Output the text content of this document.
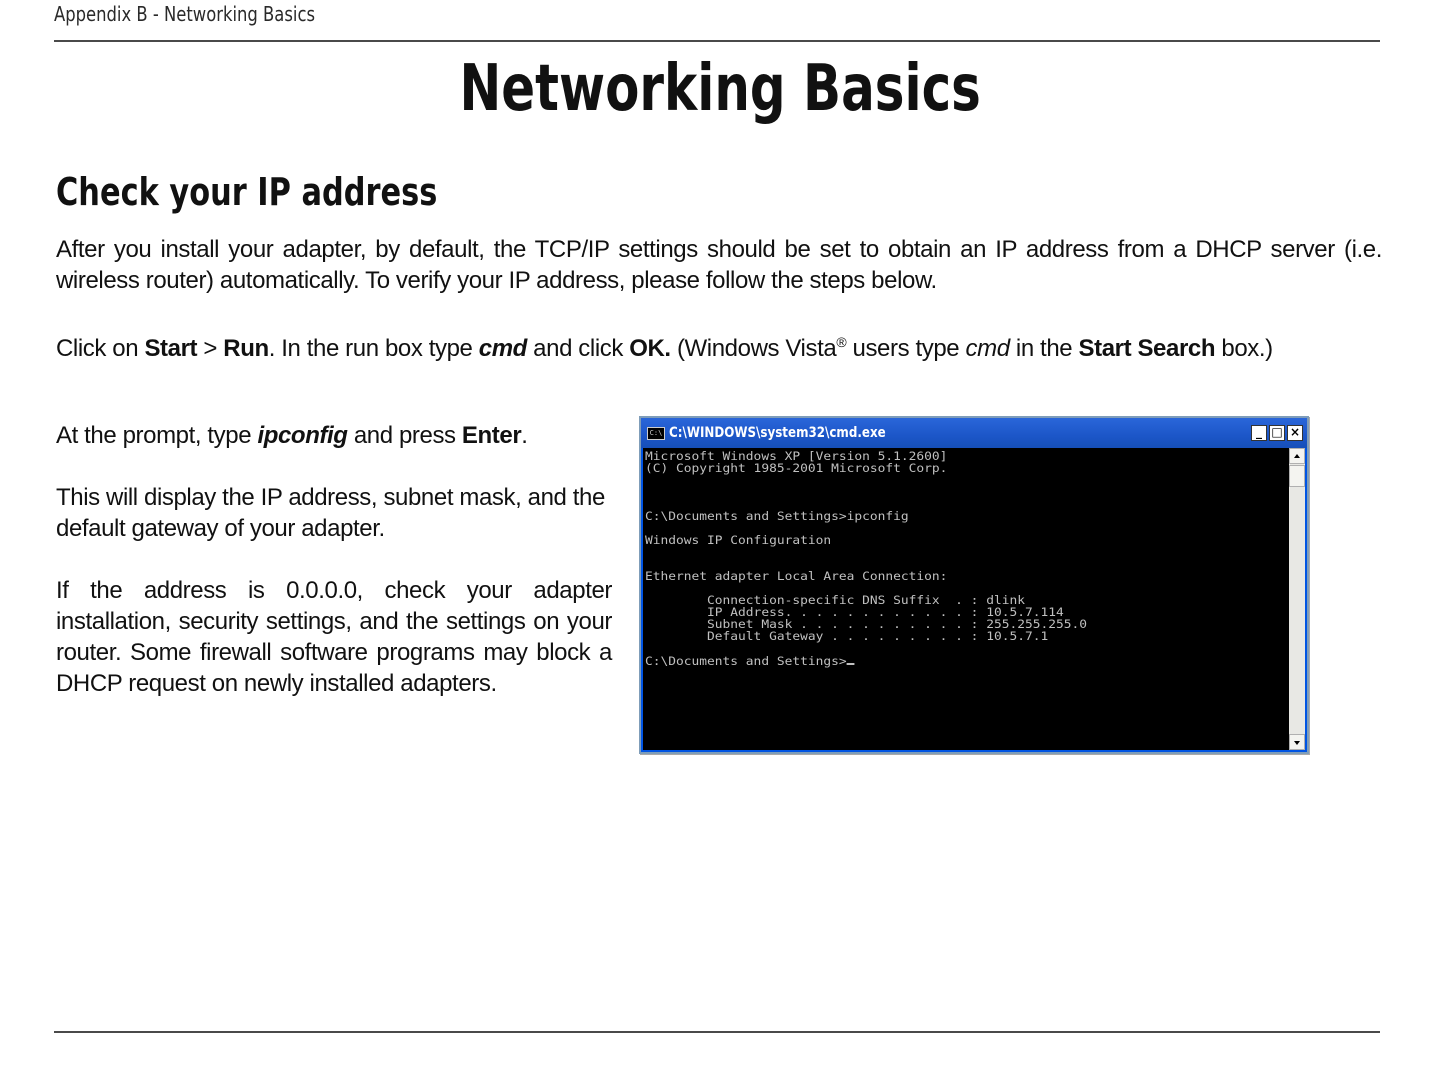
Appendix B - Networking Basics
Networking Basics
Check your IP address
After you install your adapter, by default, the TCP/IP settings should be set to obtain an IP address from a DHCP server (i.e. wireless router) automatically. To verify your IP address, please follow the steps below.
Click on Start > Run. In the run box type cmd and click OK. (Windows Vista® users type cmd in the Start Search box.)
At the prompt, type ipconfig and press Enter.
This will display the IP address, subnet mask, and the default gateway of your adapter.
If the address is 0.0.0.0, check your adapter installation, security settings, and the settings on your router. Some firewall software programs may block a DHCP request on newly installed adapters.
C:\ C:\WINDOWS\system32\cmd.exe	_ □ ×
Microsoft Windows XP [Version 5.1.2600]
(C) Copyright 1985-2001 Microsoft Corp.
C:\Documents and Settings>ipconfig
Windows IP Configuration
Ethernet adapter Local Area Connection:
Connection-specific DNS Suffix  . : dlink
IP Address. . . . . . . . . . . . : 10.5.7.114
Subnet Mask . . . . . . . . . . . : 255.255.255.0
Default Gateway . . . . . . . . . : 10.5.7.1
C:\Documents and Settings>
